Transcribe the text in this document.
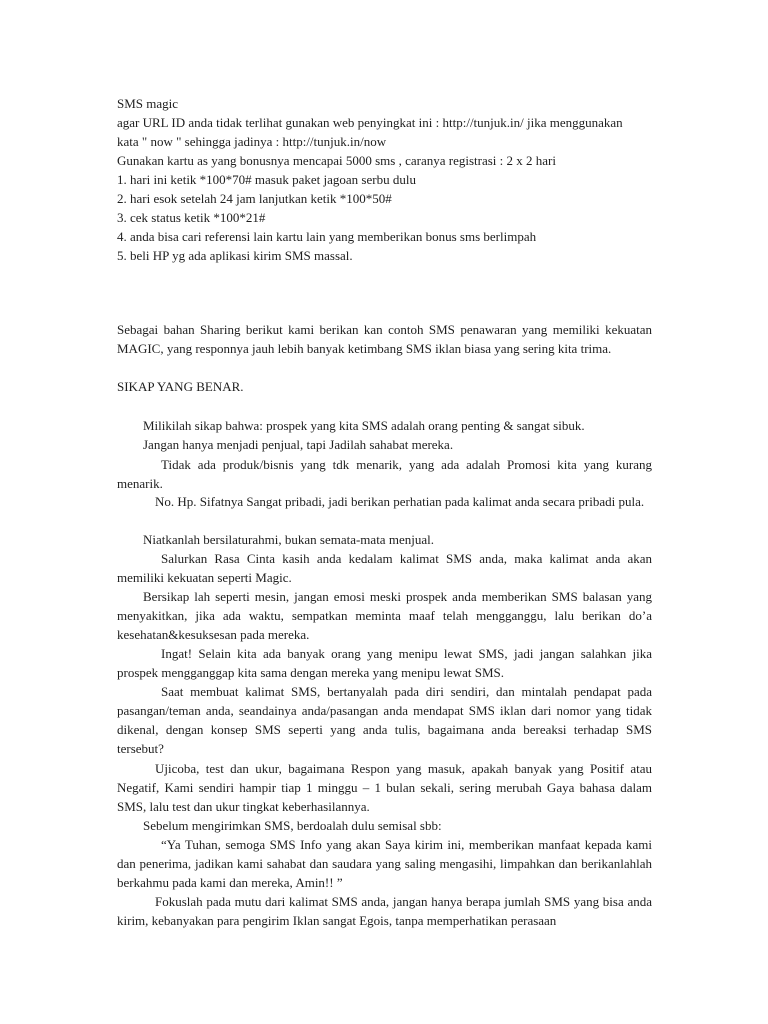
SMS magic
agar URL ID anda tidak terlihat gunakan web penyingkat ini : http://tunjuk.in/ jika menggunakan
kata " now " sehingga jadinya : http://tunjuk.in/now
Gunakan kartu as yang bonusnya mencapai 5000 sms , caranya registrasi : 2 x 2 hari
1. hari ini ketik *100*70# masuk paket jagoan serbu dulu
2. hari esok setelah 24 jam lanjutkan ketik *100*50#
3. cek status ketik *100*21#
4. anda bisa cari referensi lain kartu lain yang memberikan bonus sms berlimpah
5. beli HP yg ada aplikasi kirim SMS massal.

Sebagai bahan Sharing berikut kami berikan kan contoh SMS penawaran yang memiliki kekuatan MAGIC, yang responnya jauh lebih banyak ketimbang SMS iklan biasa yang sering kita trima.

SIKAP YANG BENAR.

Milikilah sikap bahwa: prospek yang kita SMS adalah orang penting & sangat sibuk.

Jangan hanya menjadi penjual, tapi Jadilah sahabat mereka.

Tidak ada produk/bisnis yang tdk menarik, yang ada adalah Promosi kita yang kurang menarik.

No. Hp. Sifatnya Sangat pribadi, jadi berikan perhatian pada kalimat anda secara pribadi pula.

Niatkanlah bersilaturahmi, bukan semata-mata menjual.

Salurkan Rasa Cinta kasih anda kedalam kalimat SMS anda, maka kalimat anda akan memiliki kekuatan seperti Magic.

Bersikap lah seperti mesin, jangan emosi meski prospek anda memberikan SMS balasan yang menyakitkan, jika ada waktu, sempatkan meminta maaf telah mengganggu, lalu berikan do’a kesehatan&kesuksesan pada mereka.

Ingat! Selain kita ada banyak orang yang menipu lewat SMS, jadi jangan salahkan jika prospek mengganggap kita sama dengan mereka yang menipu lewat SMS.

Saat membuat kalimat SMS, bertanyalah pada diri sendiri, dan mintalah pendapat pada pasangan/teman anda, seandainya anda/pasangan anda mendapat SMS iklan dari nomor yang tidak dikenal, dengan konsep SMS seperti yang anda tulis, bagaimana anda bereaksi terhadap SMS tersebut?

Ujicoba, test dan ukur, bagaimana Respon yang masuk, apakah banyak yang Positif atau Negatif, Kami sendiri hampir tiap 1 minggu – 1 bulan sekali, sering merubah Gaya bahasa dalam SMS, lalu test dan ukur tingkat keberhasilannya.

Sebelum mengirimkan SMS, berdoalah dulu semisal sbb:

“Ya Tuhan, semoga SMS Info yang akan Saya kirim ini, memberikan manfaat kepada kami dan penerima, jadikan kami sahabat dan saudara yang saling mengasihi, limpahkan dan berikanlahlah berkahmu pada kami dan mereka, Amin!! ”

Fokuslah pada mutu dari kalimat SMS anda, jangan hanya berapa jumlah SMS yang bisa anda kirim, kebanyakan para pengirim Iklan sangat Egois, tanpa memperhatikan perasaan
